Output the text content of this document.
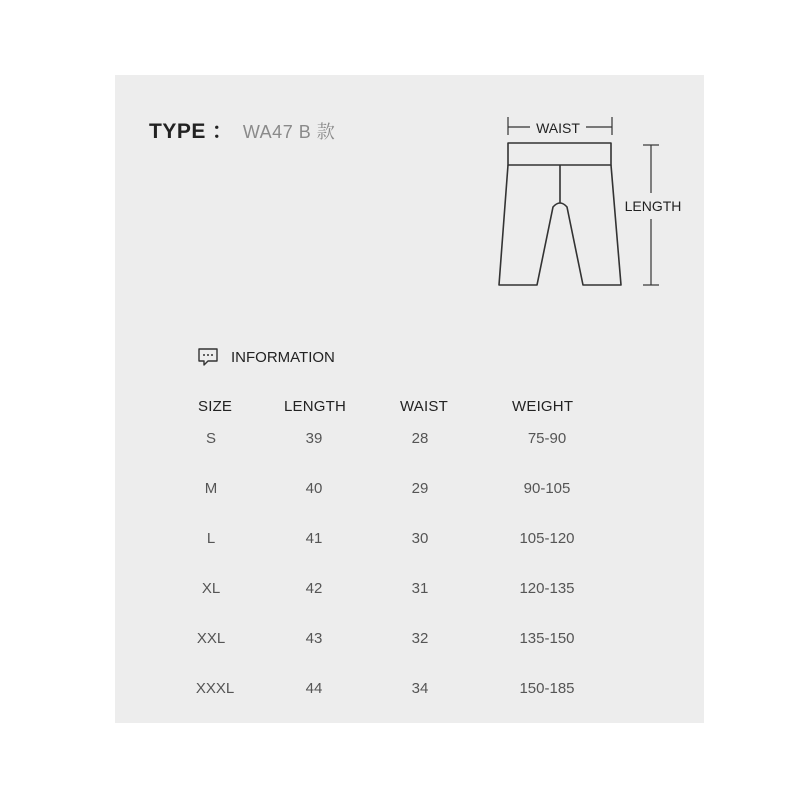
TYPE ： WA47 B 款	WAIST
LENGTH
INFORMATION
SIZE	LENGTH	WAIST	WEIGHT
S	39	28	75-90
M	40	29	90-105
L	41	30	105-120
XL	42	31	120-135
XXL	43	32	135-150
XXXL	44	34	150-185
